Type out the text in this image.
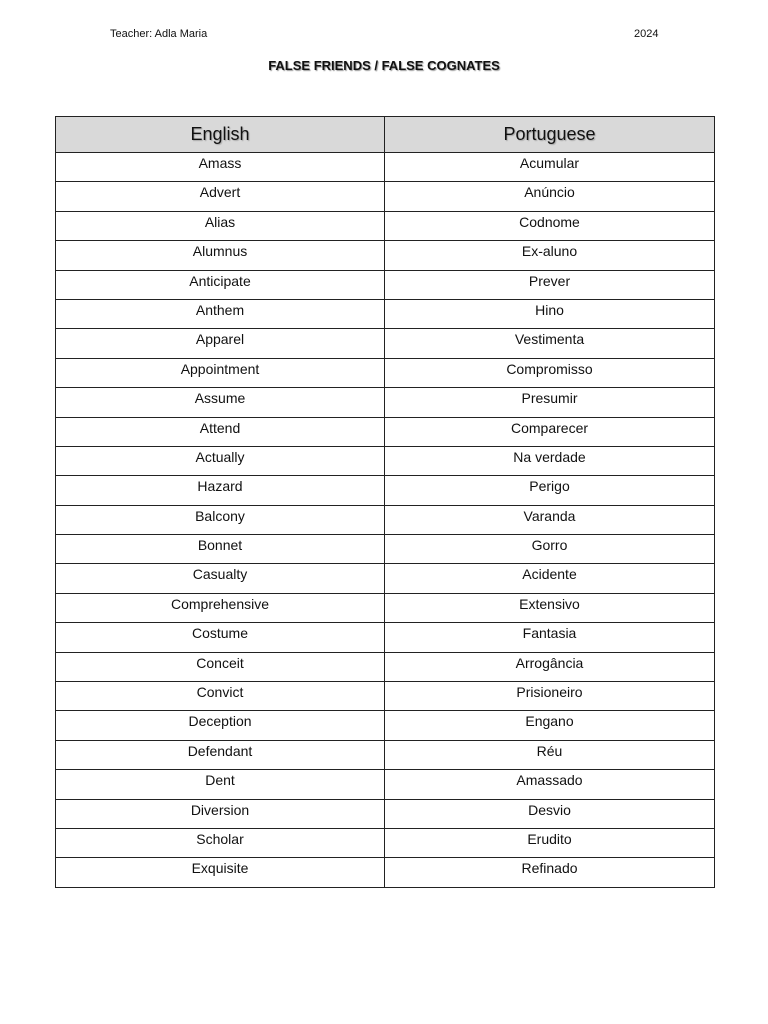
Teacher: Adla Maria	2024
FALSE FRIENDS / FALSE COGNATES
English	Portuguese
Amass	Acumular
Advert	Anúncio
Alias	Codnome
Alumnus	Ex-aluno
Anticipate	Prever
Anthem	Hino
Apparel	Vestimenta
Appointment	Compromisso
Assume	Presumir
Attend	Comparecer
Actually	Na verdade
Hazard	Perigo
Balcony	Varanda
Bonnet	Gorro
Casualty	Acidente
Comprehensive	Extensivo
Costume	Fantasia
Conceit	Arrogância
Convict	Prisioneiro
Deception	Engano
Defendant	Réu
Dent	Amassado
Diversion	Desvio
Scholar	Erudito
Exquisite	Refinado
